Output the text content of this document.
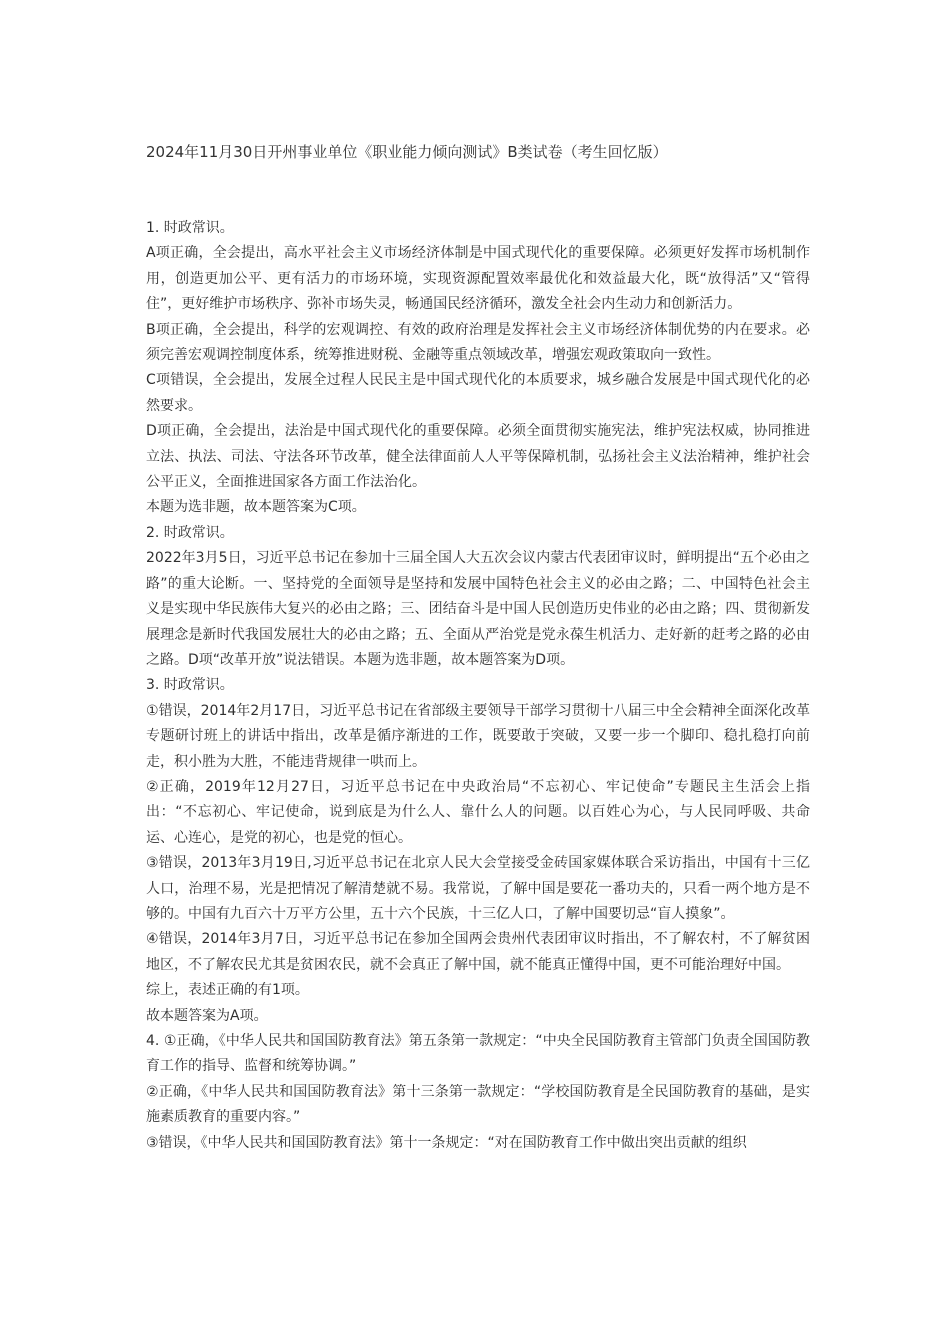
2024年11月30日开州事业单位《职业能力倾向测试》B类试卷（考生回忆版）

1. 时政常识。

A项正确，全会提出，高水平社会主义市场经济体制是中国式现代化的重要保障。必须更好发挥市场机制作用，创造更加公平、更有活力的市场环境，实现资源配置效率最优化和效益最大化，既“放得活”又“管得住”，更好维护市场秩序、弥补市场失灵，畅通国民经济循环，激发全社会内生动力和创新活力。

B项正确，全会提出，科学的宏观调控、有效的政府治理是发挥社会主义市场经济体制优势的内在要求。必须完善宏观调控制度体系，统筹推进财税、金融等重点领域改革，增强宏观政策取向一致性。

C项错误，全会提出，发展全过程人民民主是中国式现代化的本质要求，城乡融合发展是中国式现代化的必然要求。

D项正确，全会提出，法治是中国式现代化的重要保障。必须全面贯彻实施宪法，维护宪法权威，协同推进立法、执法、司法、守法各环节改革，健全法律面前人人平等保障机制，弘扬社会主义法治精神，维护社会公平正义，全面推进国家各方面工作法治化。

本题为选非题，故本题答案为C项。

2. 时政常识。

2022年3月5日，习近平总书记在参加十三届全国人大五次会议内蒙古代表团审议时，鲜明提出“五个必由之路”的重大论断。一、坚持党的全面领导是坚持和发展中国特色社会主义的必由之路；二、中国特色社会主义是实现中华民族伟大复兴的必由之路；三、团结奋斗是中国人民创造历史伟业的必由之路；四、贯彻新发展理念是新时代我国发展壮大的必由之路；五、全面从严治党是党永葆生机活力、走好新的赶考之路的必由之路。D项“改革开放”说法错误。本题为选非题，故本题答案为D项。

3. 时政常识。

①错误，2014年2月17日，习近平总书记在省部级主要领导干部学习贯彻十八届三中全会精神全面深化改革专题研讨班上的讲话中指出，改革是循序渐进的工作，既要敢于突破，又要一步一个脚印、稳扎稳打向前走，积小胜为大胜，不能违背规律一哄而上。

②正确，2019年12月27日，习近平总书记在中央政治局“不忘初心、牢记使命”专题民主生活会上指出：“不忘初心、牢记使命，说到底是为什么人、靠什么人的问题。以百姓心为心，与人民同呼吸、共命运、心连心，是党的初心，也是党的恒心。

③错误，2013年3月19日,习近平总书记在北京人民大会堂接受金砖国家媒体联合采访指出，中国有十三亿人口，治理不易，光是把情况了解清楚就不易。我常说，了解中国是要花一番功夫的，只看一两个地方是不够的。中国有九百六十万平方公里，五十六个民族，十三亿人口，了解中国要切忌“盲人摸象”。

④错误，2014年3月7日，习近平总书记在参加全国两会贵州代表团审议时指出，不了解农村，不了解贫困地区，不了解农民尤其是贫困农民，就不会真正了解中国，就不能真正懂得中国，更不可能治理好中国。

综上，表述正确的有1项。

故本题答案为A项。

4. ①正确，《中华人民共和国国防教育法》第五条第一款规定：“中央全民国防教育主管部门负责全国国防教育工作的指导、监督和统筹协调。”

②正确，《中华人民共和国国防教育法》第十三条第一款规定：“学校国防教育是全民国防教育的基础，是实施素质教育的重要内容。”

③错误，《中华人民共和国国防教育法》第十一条规定：“对在国防教育工作中做出突出贡献的组织
